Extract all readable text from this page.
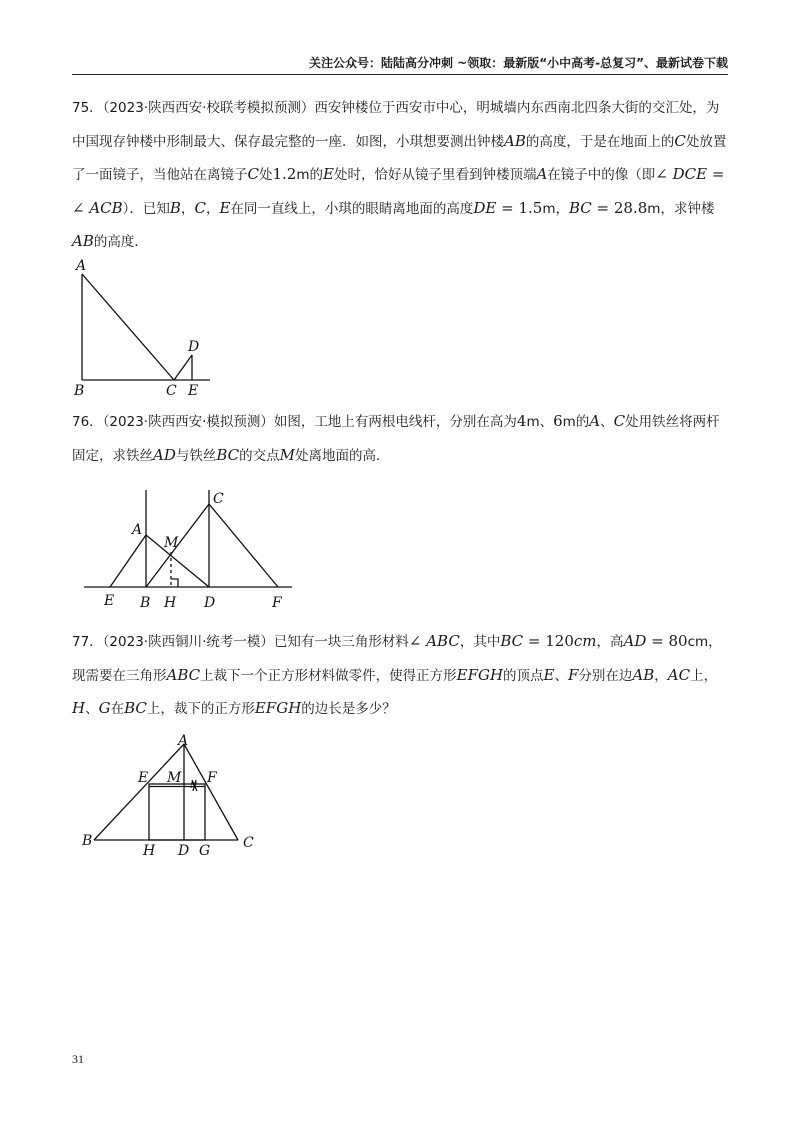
关注公众号：陆陆高分冲刺 ~领取：最新版“小中高考-总复习”、最新试卷下载

75．（2023·陕西西安·校联考模拟预测）西安钟楼位于西安市中心，明城墙内东西南北四条大街的交汇处，为中国现存钟楼中形制最大、保存最完整的一座．如图，小琪想要测出钟楼AB的高度，于是在地面上的C处放置了一面镜子，当他站在离镜子C处1.2m的E处时，恰好从镜子里看到钟楼顶端A在镜子中的像（即∠ DCE = ∠ ACB）．已知B，C，E在同一直线上，小琪的眼睛离地面的高度DE = 1.5m，BC = 28.8m，求钟楼AB的高度．

A
B	C
D
E

76．（2023·陕西西安·模拟预测）如图，工地上有两根电线杆，分别在高为4m、6m的A、C处用铁丝将两杆固定，求铁丝AD与铁丝BC的交点M处离地面的高．

A
C
M
E B H D	F

77．（2023·陕西铜川·统考一模）已知有一块三角形材料∠ ABC，其中BC = 120cm，高AD = 80cm，现需要在三角形ABC上裁下一个正方形材料做零件，使得正方形EFGH的顶点E、F分别在边AB，AC上，H、G在BC上，裁下的正方形EFGH的边长是多少？

A
E M F
N
B
H D G C
31
